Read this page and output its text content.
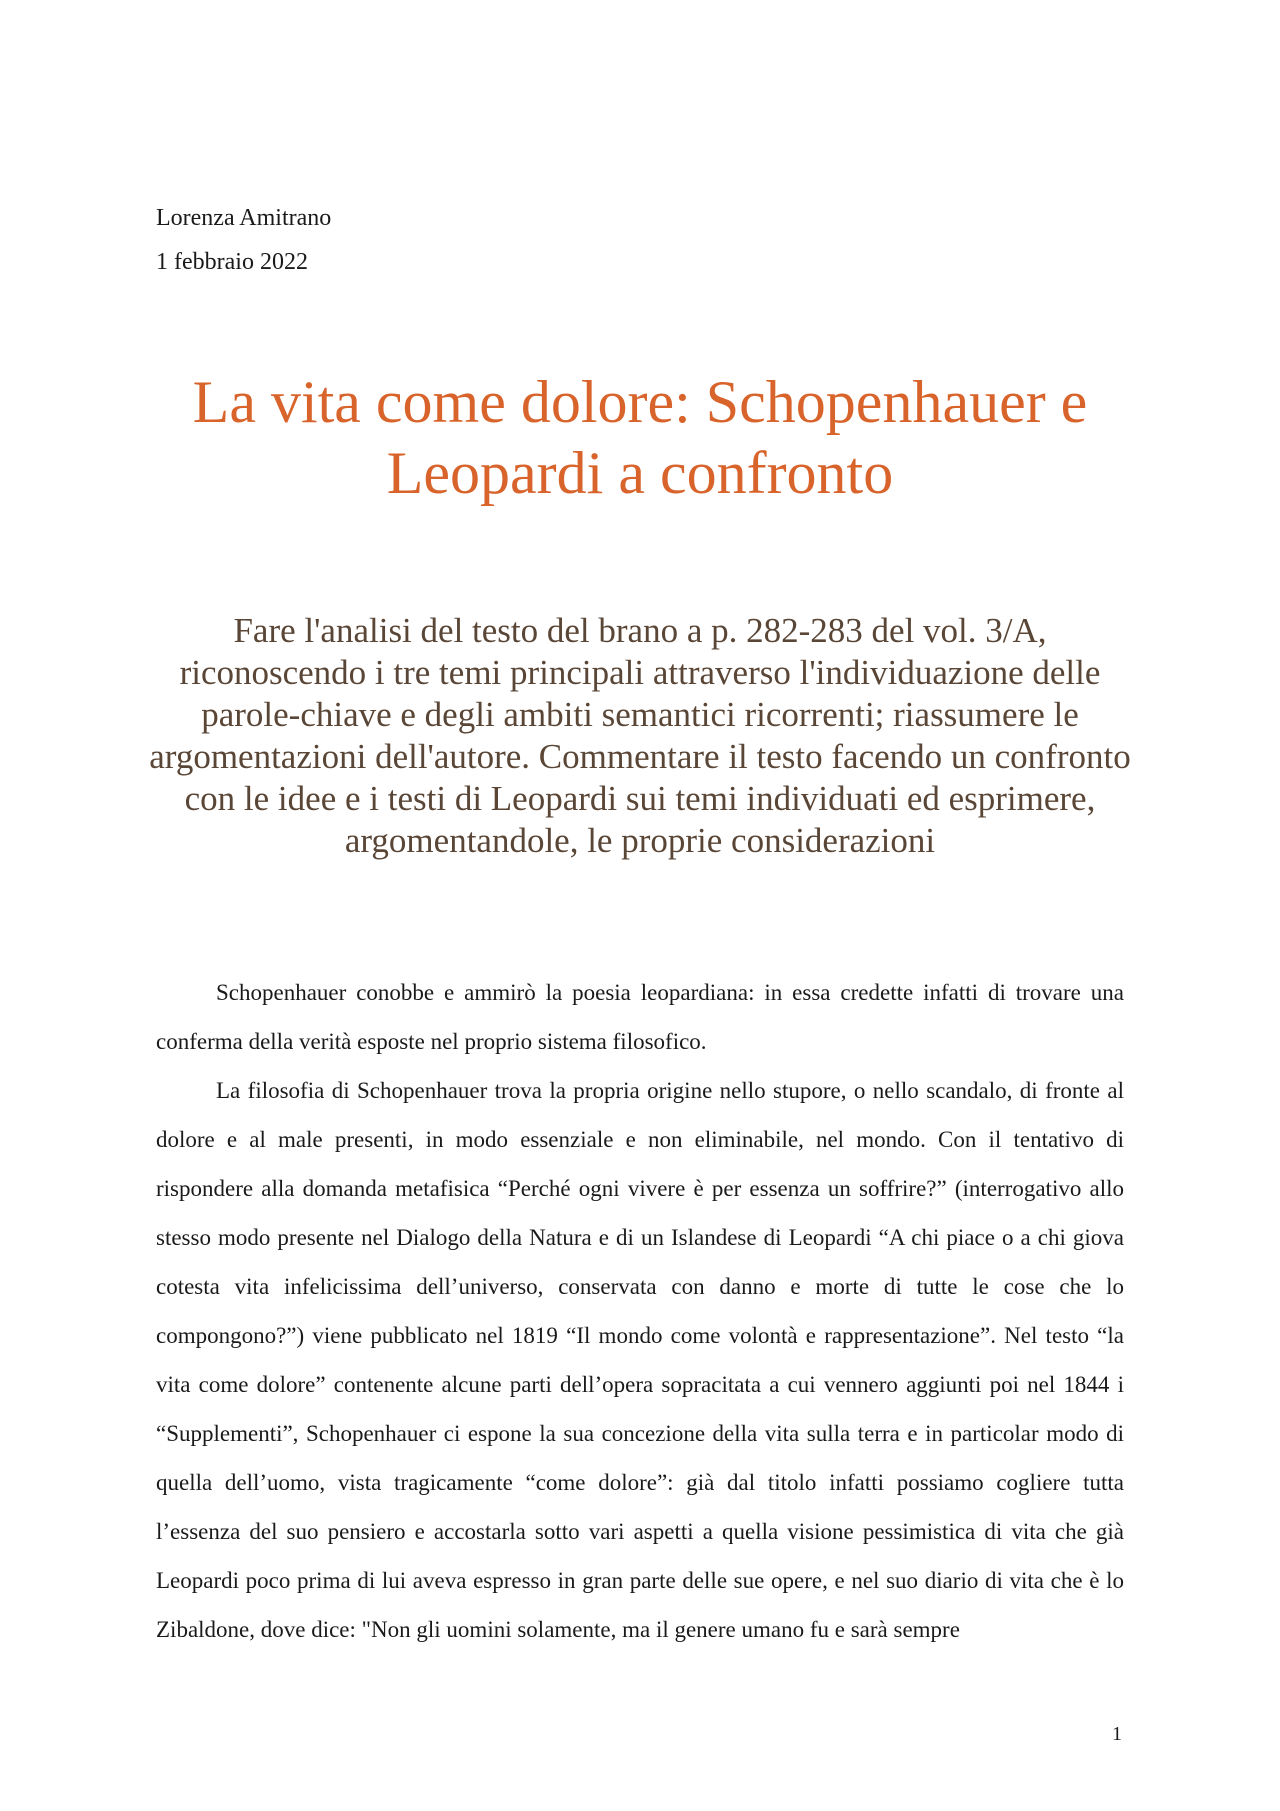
Lorenza Amitrano
1 febbraio 2022
La vita come dolore: Schopenhauer e Leopardi a confronto

Fare l'analisi del testo del brano a p. 282-283 del vol. 3/A, riconoscendo i tre temi principali attraverso l'individuazione delle parole-chiave e degli ambiti semantici ricorrenti; riassumere le argomentazioni dell'autore. Commentare il testo facendo un confronto con le idee e i testi di Leopardi sui temi individuati ed esprimere, argomentandole, le proprie considerazioni

Schopenhauer conobbe e ammirò la poesia leopardiana: in essa credette infatti di trovare una conferma della verità esposte nel proprio sistema filosofico.

La filosofia di Schopenhauer trova la propria origine nello stupore, o nello scandalo, di fronte al dolore e al male presenti, in modo essenziale e non eliminabile, nel mondo. Con il tentativo di rispondere alla domanda metafisica “Perché ogni vivere è per essenza un soffrire?” (interrogativo allo stesso modo presente nel Dialogo della Natura e di un Islandese di Leopardi “A chi piace o a chi giova cotesta vita infelicissima dell’universo, conservata con danno e morte di tutte le cose che lo compongono?”) viene pubblicato nel 1819 “Il mondo come volontà e rappresentazione”. Nel testo “la vita come dolore” contenente alcune parti dell’opera sopracitata a cui vennero aggiunti poi nel 1844 i “Supplementi”, Schopenhauer ci espone la sua concezione della vita sulla terra e in particolar modo di quella dell’uomo, vista tragicamente “come dolore”: già dal titolo infatti possiamo cogliere tutta l’essenza del suo pensiero e accostarla sotto vari aspetti a quella visione pessimistica di vita che già Leopardi poco prima di lui aveva espresso in gran parte delle sue opere, e nel suo diario di vita che è lo Zibaldone, dove dice: "Non gli uomini solamente, ma il genere umano fu e sarà sempre

1
